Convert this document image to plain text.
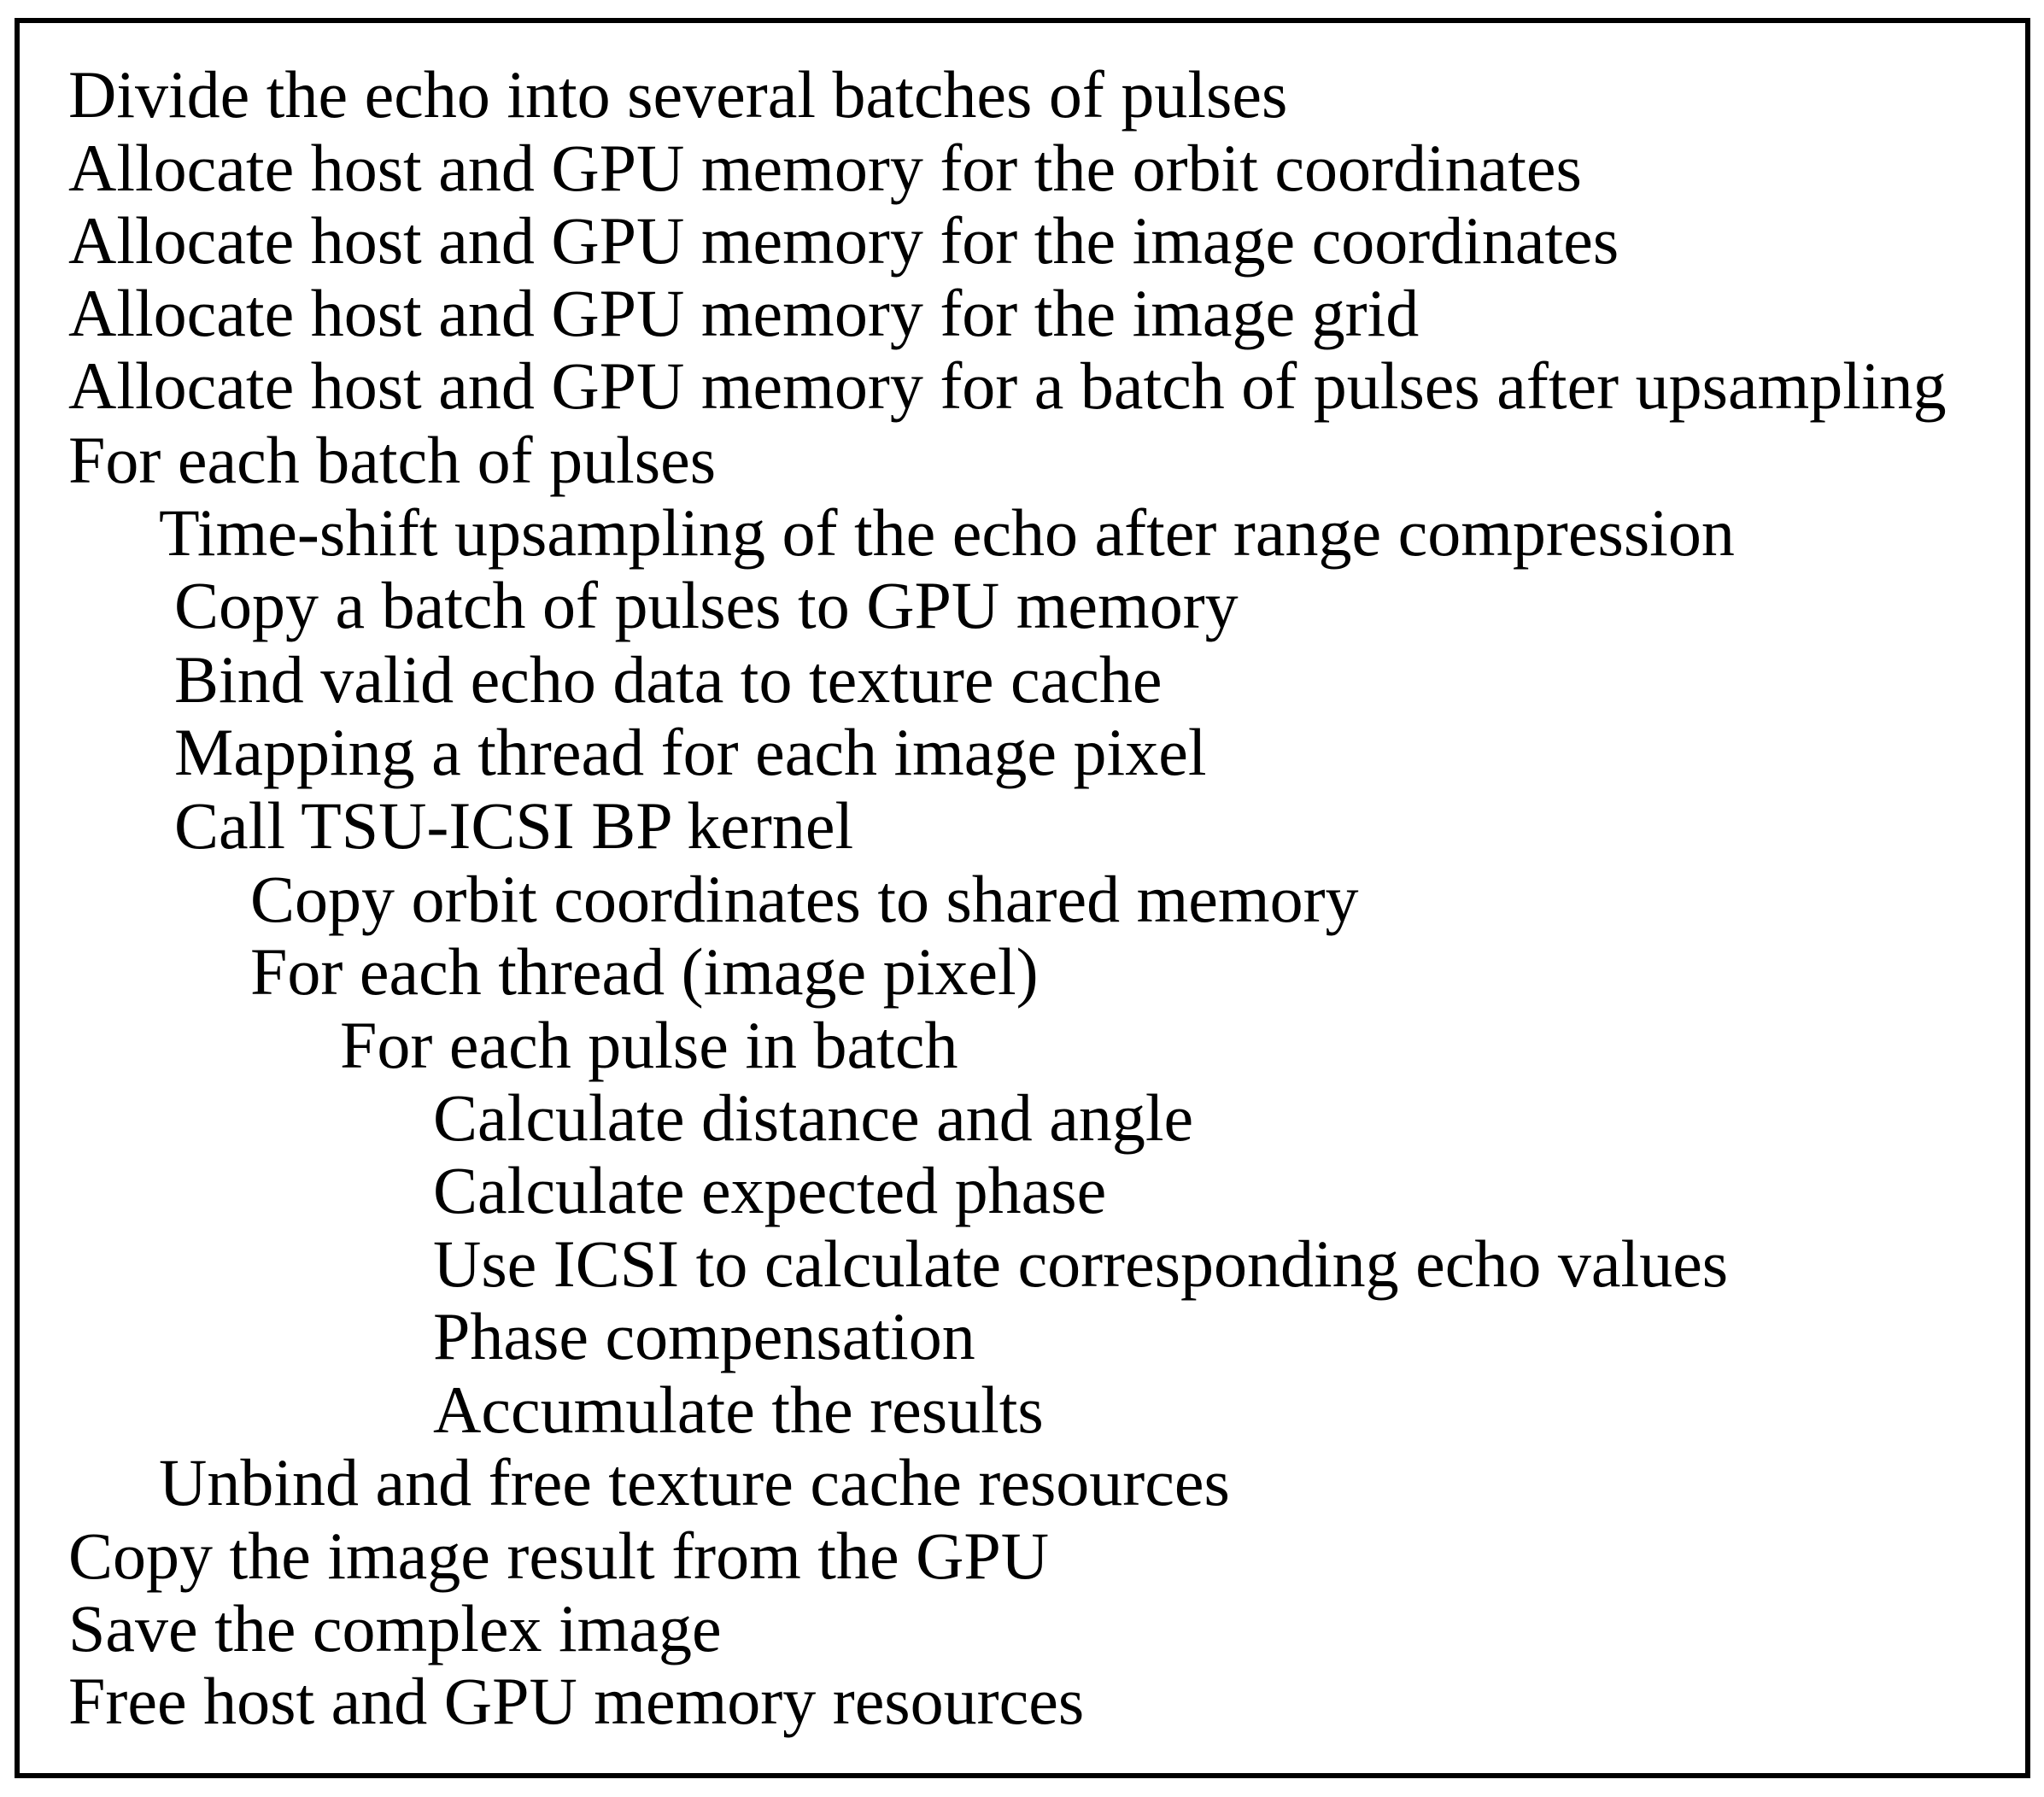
Divide the echo into several batches of pulses
Allocate host and GPU memory for the orbit coordinates
Allocate host and GPU memory for the image coordinates
Allocate host and GPU memory for the image grid
Allocate host and GPU memory for a batch of pulses after upsampling
For each batch of pulses
Time-shift upsampling of the echo after range compression
Copy a batch of pulses to GPU memory
Bind valid echo data to texture cache
Mapping a thread for each image pixel
Call TSU-ICSI BP kernel
Copy orbit coordinates to shared memory
For each thread (image pixel)
For each pulse in batch
Calculate distance and angle
Calculate expected phase
Use ICSI to calculate corresponding echo values
Phase compensation
Accumulate the results
Unbind and free texture cache resources
Copy the image result from the GPU
Save the complex image
Free host and GPU memory resources
